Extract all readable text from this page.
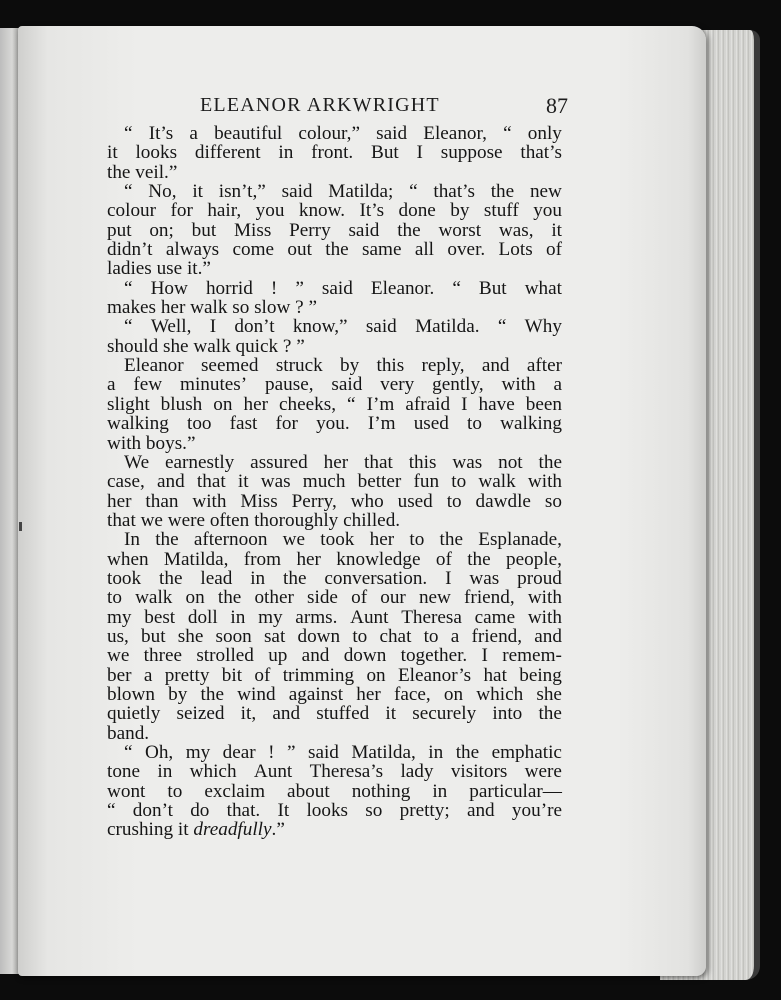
ELEANOR ARKWRIGHT	87
“ It’s a beautiful colour,” said Eleanor, “ only
it looks different in front. But I suppose that’s
the veil.”
“ No, it isn’t,” said Matilda; “ that’s the new
colour for hair, you know. It’s done by stuff you
put on; but Miss Perry said the worst was, it
didn’t always come out the same all over. Lots of
ladies use it.”
“ How horrid ! ” said Eleanor. “ But what
makes her walk so slow ? ”
“ Well, I don’t know,” said Matilda. “ Why
should she walk quick ? ”
Eleanor seemed struck by this reply, and after
a few minutes’ pause, said very gently, with a
slight blush on her cheeks, “ I’m afraid I have been
walking too fast for you. I’m used to walking
with boys.”
We earnestly assured her that this was not the
case, and that it was much better fun to walk with
her than with Miss Perry, who used to dawdle so
that we were often thoroughly chilled.
In the afternoon we took her to the Esplanade,
when Matilda, from her knowledge of the people,
took the lead in the conversation. I was proud
to walk on the other side of our new friend, with
my best doll in my arms. Aunt Theresa came with
us, but she soon sat down to chat to a friend, and
we three strolled up and down together. I remem-
ber a pretty bit of trimming on Eleanor’s hat being
blown by the wind against her face, on which she
quietly seized it, and stuffed it securely into the
band.
“ Oh, my dear ! ” said Matilda, in the emphatic
tone in which Aunt Theresa’s lady visitors were
wont to exclaim about nothing in particular—
“ don’t do that. It looks so pretty; and you’re
crushing it dreadfully .”
